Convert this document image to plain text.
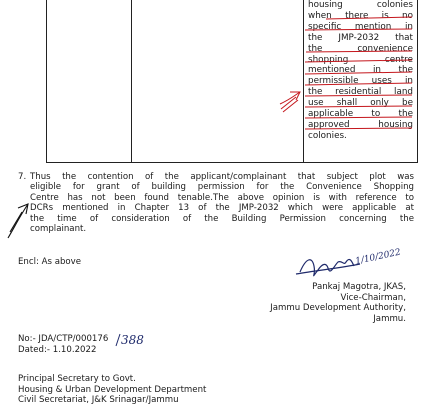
housing colonies
when there is no
specific mention in
the JMP-2032 that
the convenience
shopping centre
mentioned in the
permissible uses in
the residential land
use shall only be
applicable to the
approved housing
colonies.
7. Thus the contention of the applicant/complainant that subject plot was
eligible for grant of building permission for the Convenience Shopping
Centre has not been found tenable.The above opinion is with reference to
DCRs mentioned in Chapter 13 of the JMP-2032 which were applicable at
the time of consideration of the Building Permission concerning the
complainant.
Encl: As above
Pankaj Magotra, JKAS,
Vice-Chairman,
Jammu Development Authority,
Jammu.
No:- JDA/CTP/000176
Dated:- 1.10.2022
Principal Secretary to Govt.
Housing & Urban Development Department
Civil Secretariat, J&K Srinagar/Jammu
1/10/2022
388
